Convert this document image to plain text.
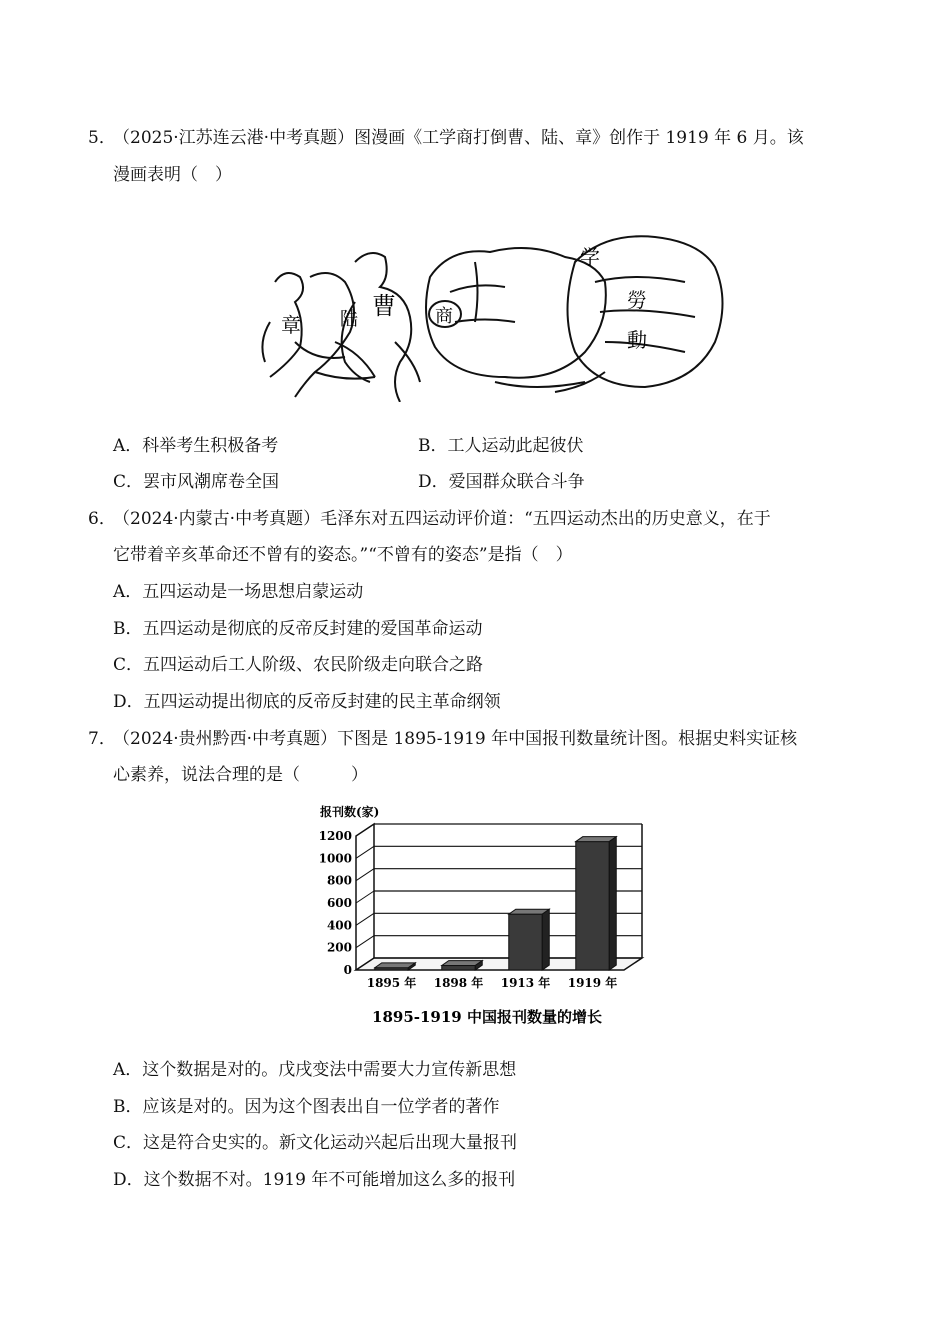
5．
（2025·江苏连云港·中考真题）图漫画《工学商打倒曹、陆、章》创作于 1919 年 6 月。该
漫画表明（　）
章 陆 曹 商
学
勞
動
A．科举考生积极备考	B．工人运动此起彼伏
C．罢市风潮席卷全国	D．爱国群众联合斗争
6．
（2024·内蒙古·中考真题）毛泽东对五四运动评价道：“五四运动杰出的历史意义，在于
它带着辛亥革命还不曾有的姿态。”“不曾有的姿态”是指（　）
A．五四运动是一场思想启蒙运动
B．五四运动是彻底的反帝反封建的爱国革命运动
C．五四运动后工人阶级、农民阶级走向联合之路
D．五四运动提出彻底的反帝反封建的民主革命纲领
7．
（2024·贵州黔西·中考真题）下图是 1895-1919 年中国报刊数量统计图。根据史料实证核
心素养，说法合理的是（　　　）
报刊数(家)
0
200
400
600
800
1000
1200
1895 年 1898 年 1913 年 1919 年
1895-1919 中国报刊数量的增长
A．这个数据是对的。戊戌变法中需要大力宣传新思想
B．应该是对的。因为这个图表出自一位学者的著作
C．这是符合史实的。新文化运动兴起后出现大量报刊
D．这个数据不对。1919 年不可能增加这么多的报刊
